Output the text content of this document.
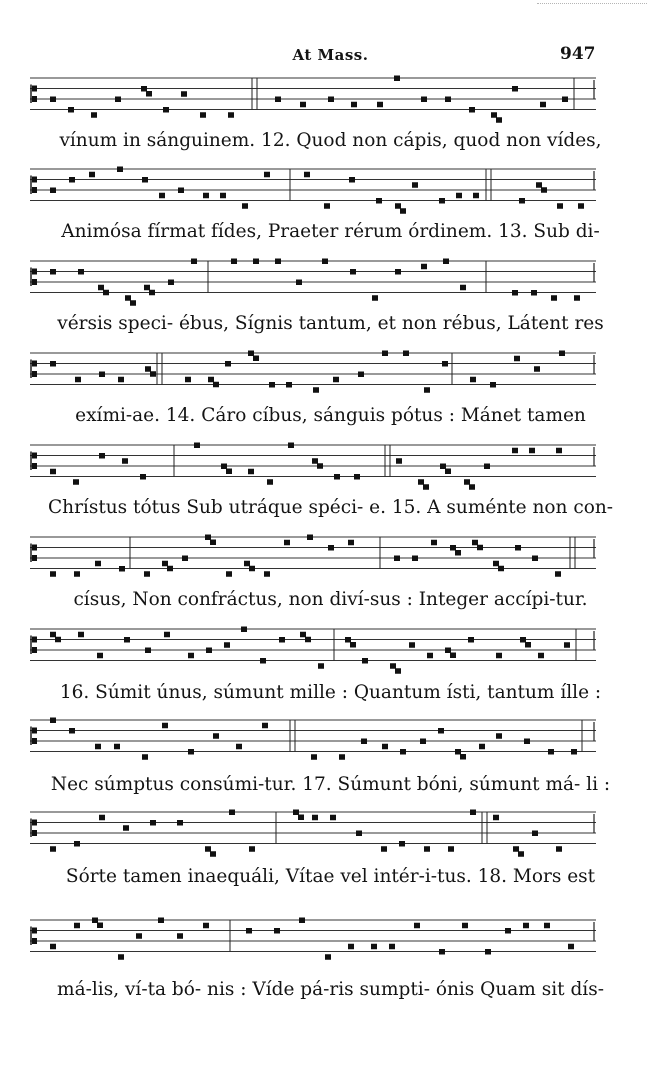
At Mass.	947
vínum in sánguinem. 12. Quod non cápis, quod non vídes,
Animósa fírmat fídes, Praeter rérum órdinem. 13. Sub di-
vérsis speci- ébus, Sígnis tantum, et non rébus, Látent res
exími-ae. 14. Cáro cíbus, sánguis pótus : Mánet tamen
Chrístus tótus Sub utráque spéci- e. 15. A suménte non con-
císus, Non confráctus, non diví-sus : Integer accípi-tur.
16. Súmit únus, súmunt mille : Quantum ísti, tantum ílle :
Nec súmptus consúmi-tur. 17. Súmunt bóni, súmunt má- li :
Sórte tamen inaequáli, Vítae vel intér-i-tus. 18. Mors est
má-lis, ví-ta bó- nis : Víde pá-ris sumpti- ónis Quam sit dís-
